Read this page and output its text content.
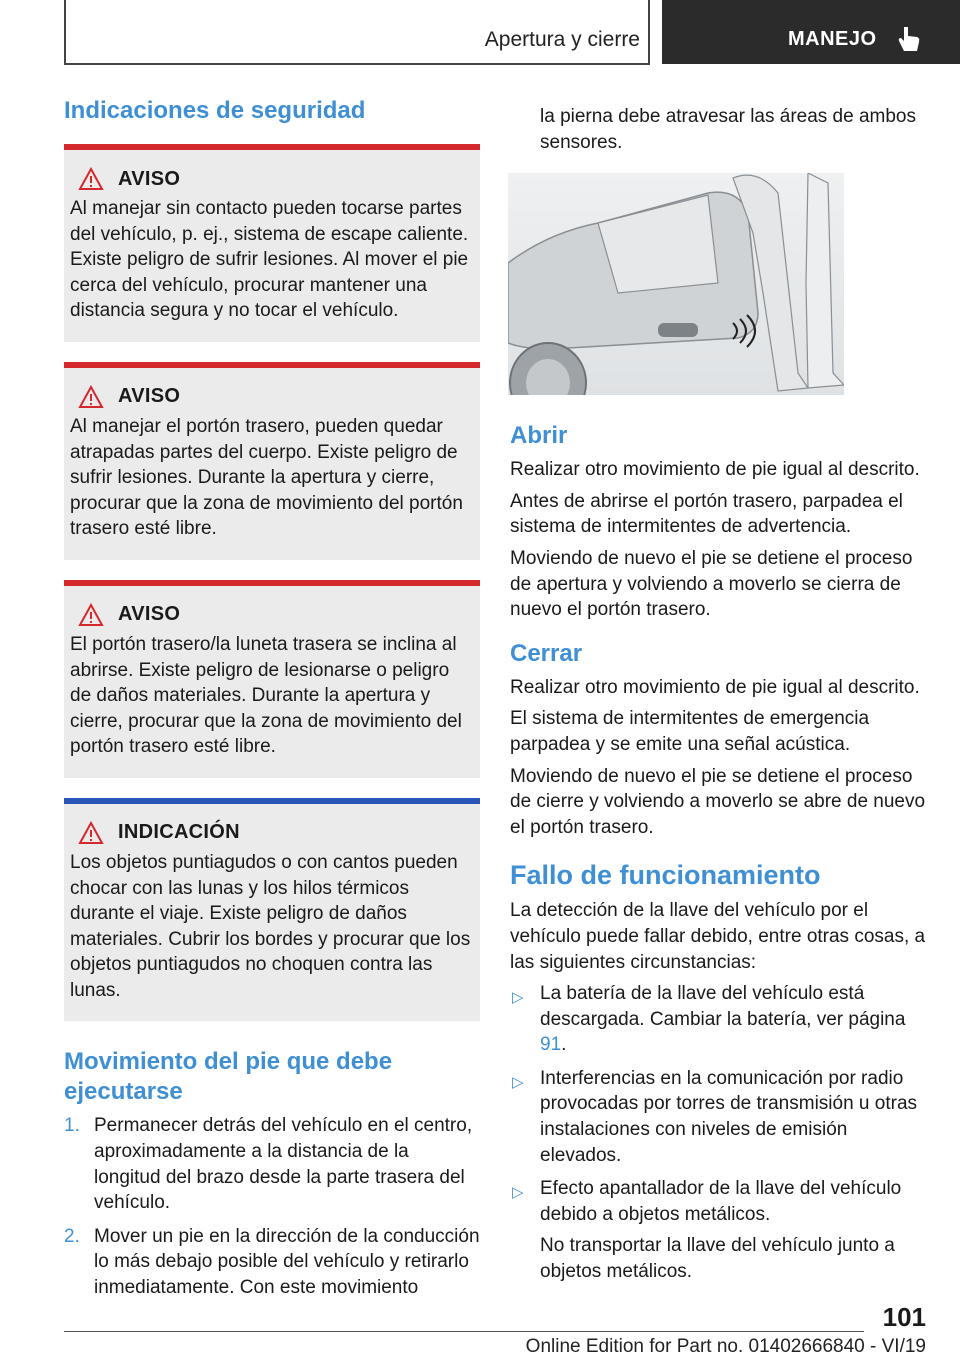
Apertura y cierre	MANEJO
Indicaciones de seguridad
AVISO
Al manejar sin contacto pueden tocarse partes del vehículo, p. ej., sistema de escape caliente. Existe peligro de sufrir lesiones. Al mover el pie cerca del vehículo, procurar mantener una distancia segura y no tocar el vehículo.
AVISO
Al manejar el portón trasero, pueden quedar atrapadas partes del cuerpo. Existe peligro de sufrir lesiones. Durante la apertura y cierre, procurar que la zona de movimiento del portón trasero esté libre.
AVISO
El portón trasero/la luneta trasera se inclina al abrirse. Existe peligro de lesionarse o peligro de daños materiales. Durante la apertura y cierre, procurar que la zona de movimiento del portón trasero esté libre.
INDICACIÓN
Los objetos puntiagudos o con cantos pueden chocar con las lunas y los hilos térmicos durante el viaje. Existe peligro de daños materiales. Cubrir los bordes y procurar que los objetos puntiagudos no choquen contra las lunas.
Movimiento del pie que debe ejecutarse
1. Permanecer detrás del vehículo en el centro, aproximadamente a la distancia de la longitud del brazo desde la parte trasera del vehículo.
2. Mover un pie en la dirección de la conducción lo más debajo posible del vehículo y retirarlo inmediatamente. Con este movimiento

la pierna debe atravesar las áreas de ambos sensores.

Abrir

Realizar otro movimiento de pie igual al descrito.

Antes de abrirse el portón trasero, parpadea el sistema de intermitentes de advertencia.

Moviendo de nuevo el pie se detiene el proceso de apertura y volviendo a moverlo se cierra de nuevo el portón trasero.

Cerrar

Realizar otro movimiento de pie igual al descrito.

El sistema de intermitentes de emergencia parpadea y se emite una señal acústica.

Moviendo de nuevo el pie se detiene el proceso de cierre y volviendo a moverlo se abre de nuevo el portón trasero.

Fallo de funcionamiento

La detección de la llave del vehículo por el vehículo puede fallar debido, entre otras cosas, a las siguientes circunstancias:

▷ La batería de la llave del vehículo está descargada. Cambiar la batería, ver página 91.
▷ Interferencias en la comunicación por radio provocadas por torres de transmisión u otras instalaciones con niveles de emisión elevados.
▷ Efecto apantallador de la llave del vehículo debido a objetos metálicos.
No transportar la llave del vehículo junto a objetos metálicos.
101
Online Edition for Part no. 01402666840 - VI/19
